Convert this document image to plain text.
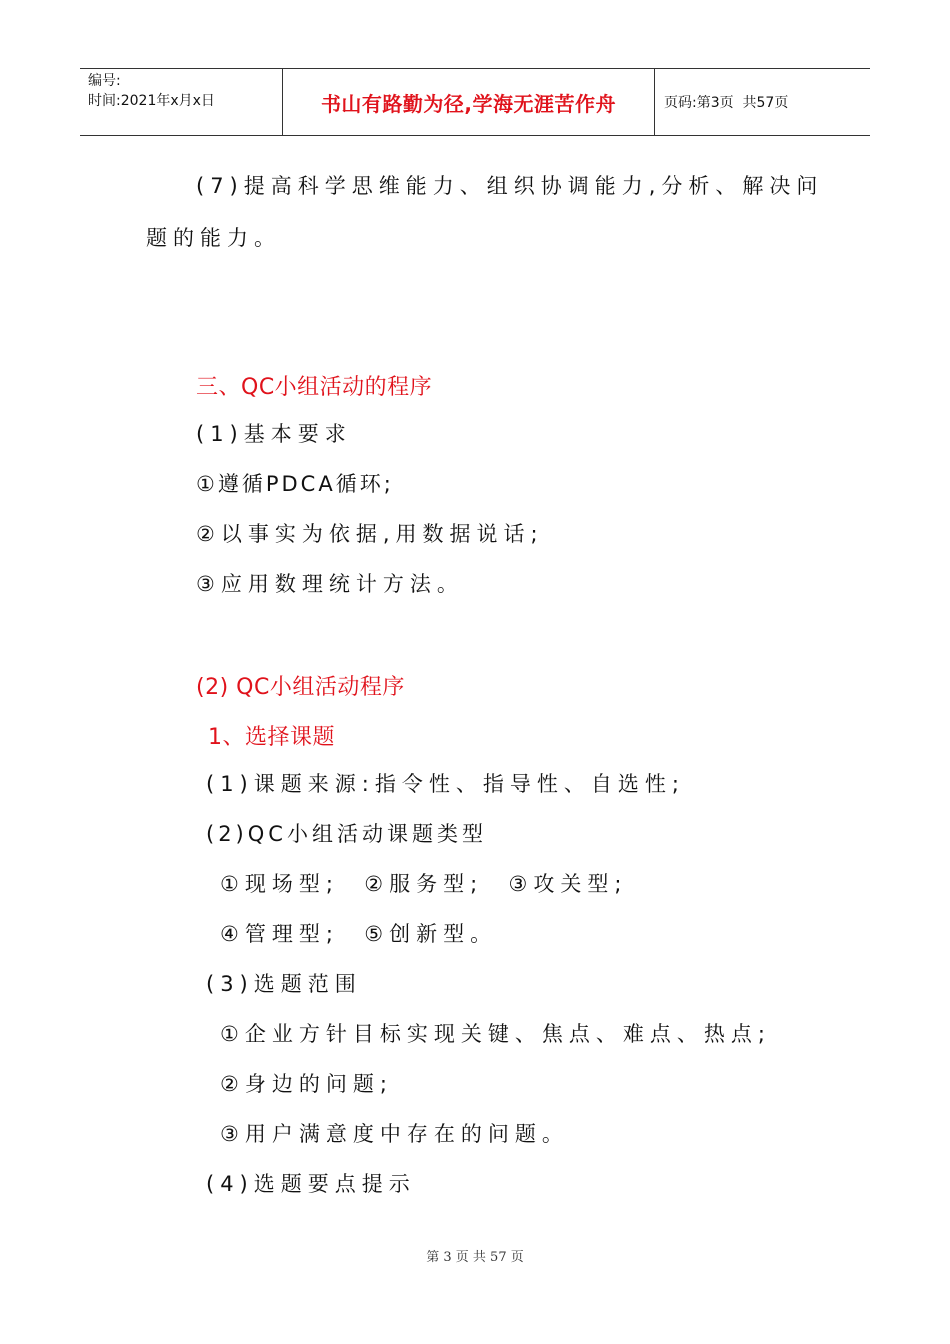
编号:
时间:2021年x月x日	书山有路勤为径,学海无涯苦作舟	页码:第3页  共57页
(7)提高科学思维能力、组织协调能力,分析、解决问
题的能力。
三、QC小组活动的程序
(1)基本要求
①遵循PDCA循环;
②以事实为依据,用数据说话;
③应用数理统计方法。
(2) QC小组活动程序
1、选择课题
(1)课题来源:指令性、指导性、自选性;
(2)QC小组活动课题类型
①现场型;  ②服务型;  ③攻关型;
④管理型;  ⑤创新型。
(3)选题范围
①企业方针目标实现关键、焦点、难点、热点;
②身边的问题;
③用户满意度中存在的问题。
(4)选题要点提示
第 3 页 共 57 页
